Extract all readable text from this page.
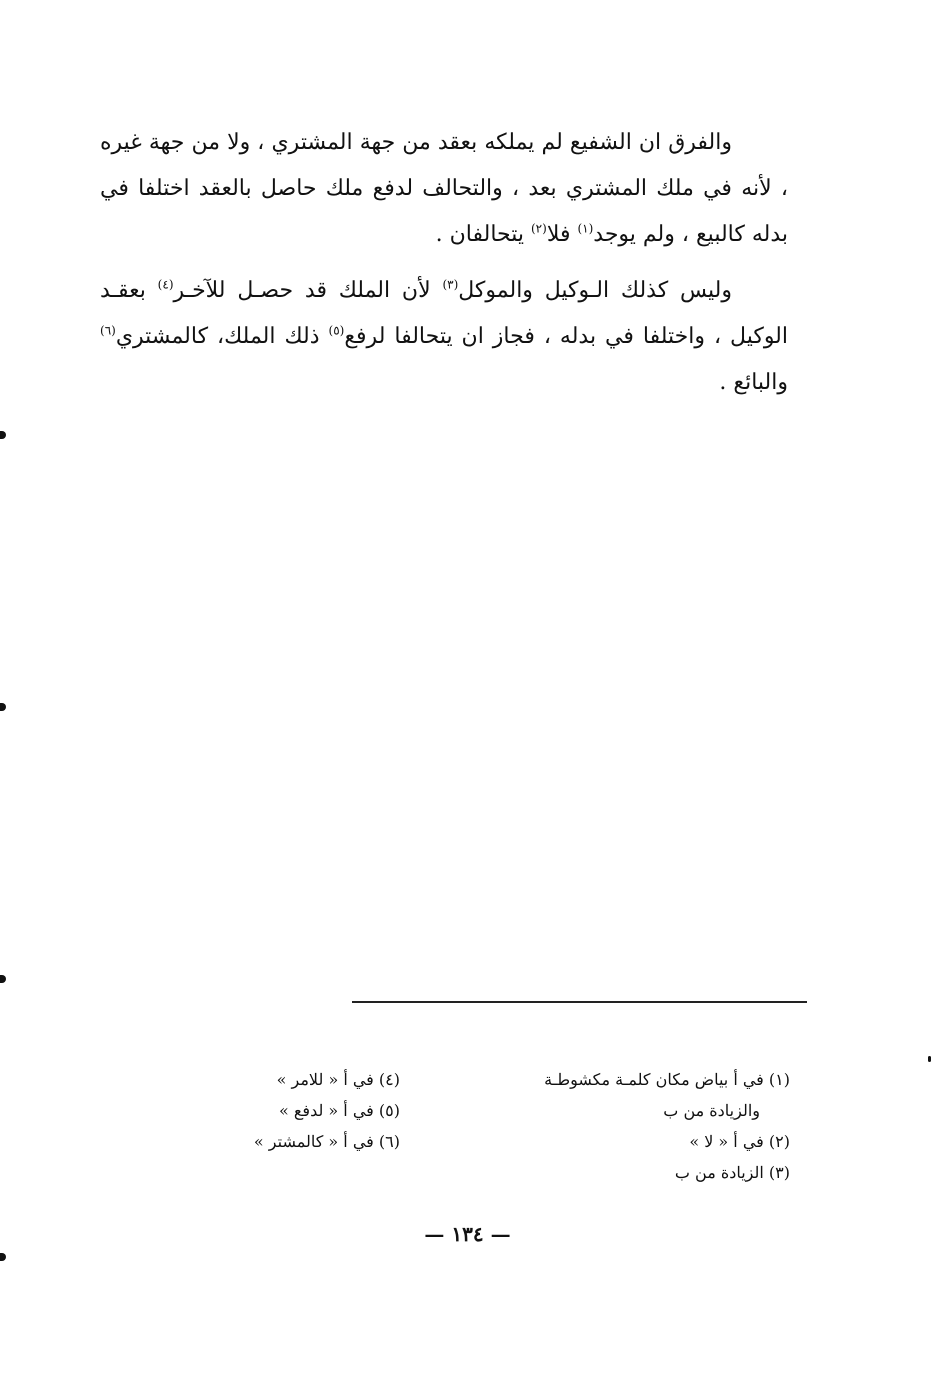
والفرق ان الشفيع لم يملكه بعقد من جهة المشتري ، ولا من جهة غيره ، لأنه في ملك المشتري بعد ، والتحالف لدفع ملك حاصل بالعقد اختلفا في بدله كالبيع ، ولم يوجد$^{(١)}$ فلا$^{(٢)}$ يتحالفان .

وليس كذلك الـوكيل والموكل$^{(٣)}$ لأن الملك قد حصـل للآخـر$^{(٤)}$ بعقـد الوكيل ، واختلفا في بدله ، فجاز ان يتحالفا لرفع$^{(٥)}$ ذلك الملك، كالمشتري$^{(٦)}$ والبائع .

(١) في أ بياض مكان كلمـة مكشوطـة
والزيادة من ب
(٢) في أ « لا »
(٣) الزيادة من ب
(٤) في أ « للامر »
(٥) في أ « لدفع »
(٦) في أ « كالمشتر »
— ١٣٤ —
